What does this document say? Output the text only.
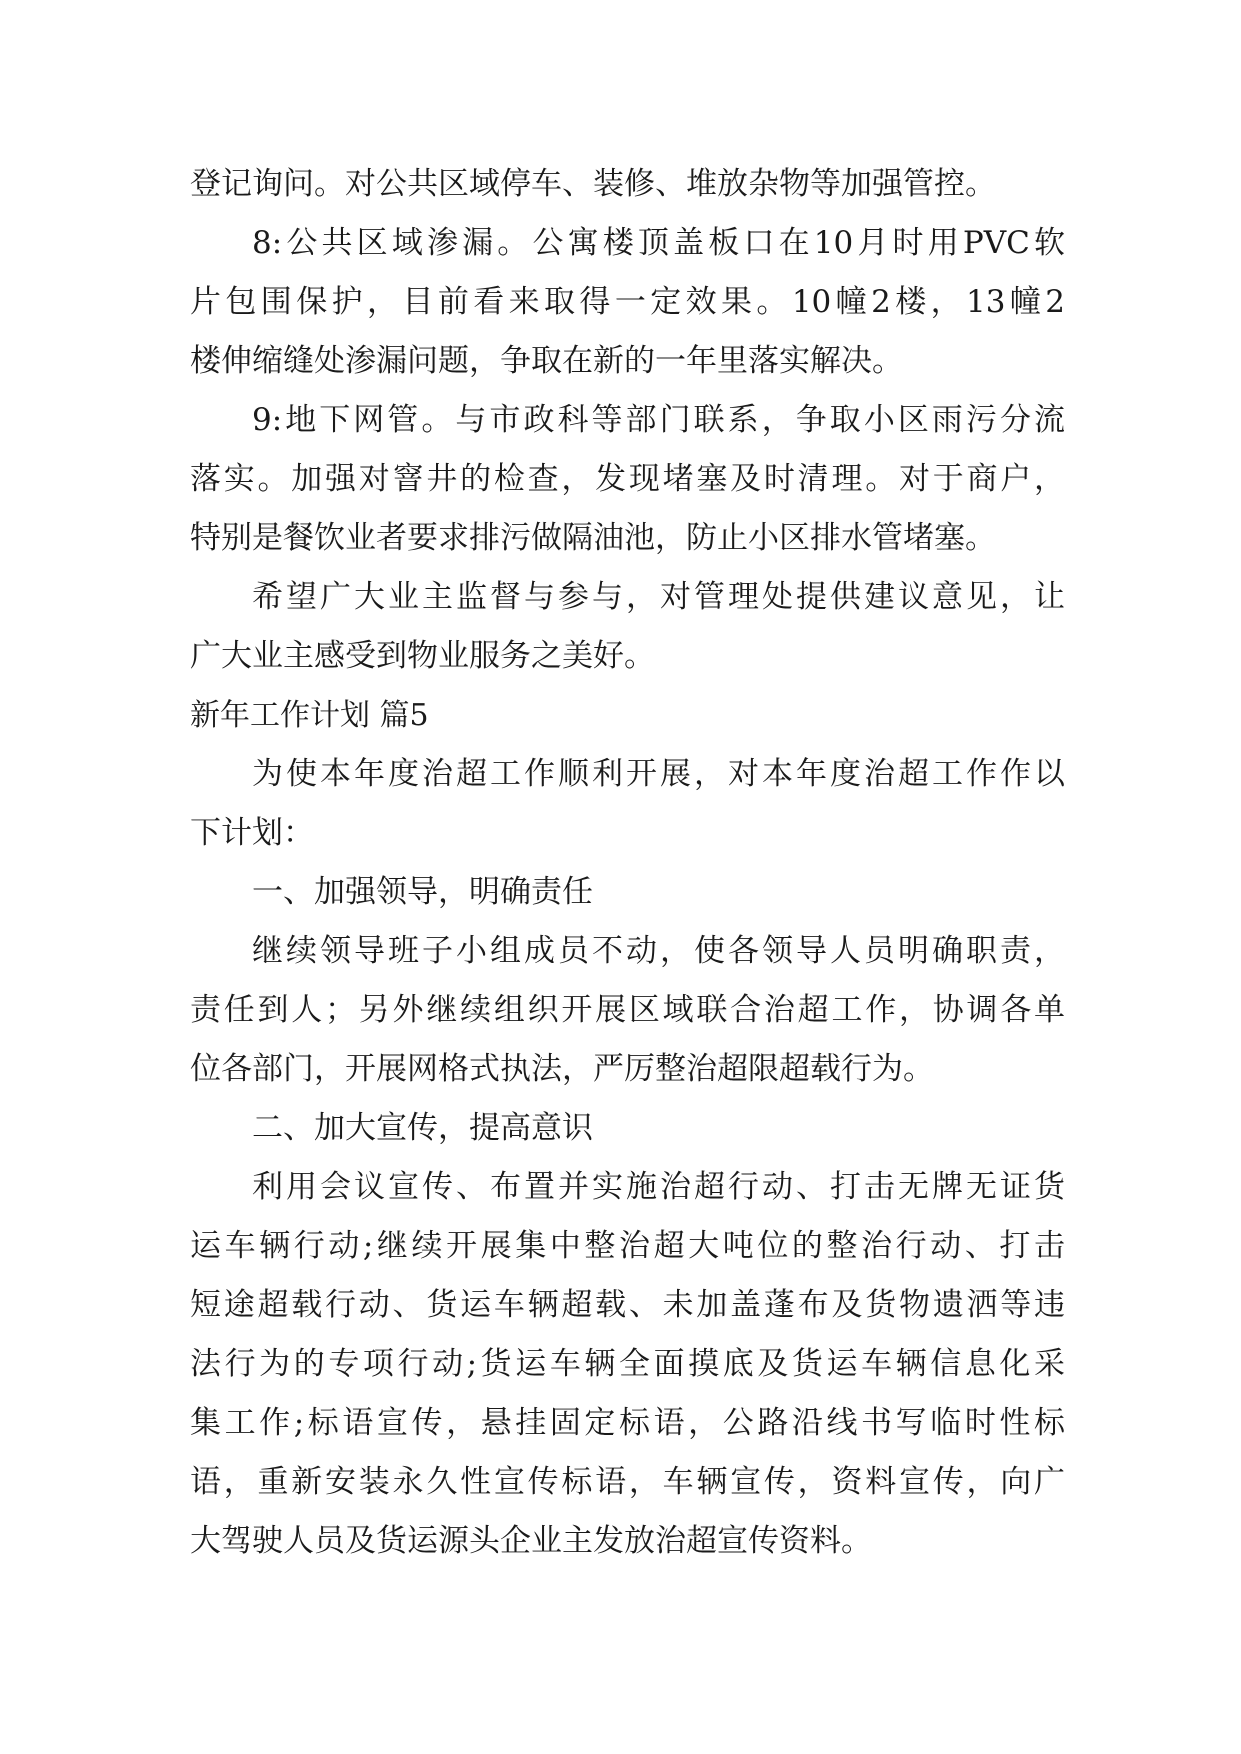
登记询问。对公共区域停车、装修、堆放杂物等加强管控。
8:公共区域渗漏。公寓楼顶盖板口在10月时用PVC软
片包围保护，目前看来取得一定效果。10幢2楼，13幢2
楼伸缩缝处渗漏问题，争取在新的一年里落实解决。
9:地下网管。与市政科等部门联系，争取小区雨污分流
落实。加强对窨井的检查，发现堵塞及时清理。对于商户，
特别是餐饮业者要求排污做隔油池，防止小区排水管堵塞。
希望广大业主监督与参与，对管理处提供建议意见，让
广大业主感受到物业服务之美好。
新年工作计划 篇5
为使本年度治超工作顺利开展，对本年度治超工作作以
下计划：
一、加强领导，明确责任
继续领导班子小组成员不动，使各领导人员明确职责，
责任到人；另外继续组织开展区域联合治超工作，协调各单
位各部门，开展网格式执法，严厉整治超限超载行为。
二、加大宣传，提高意识
利用会议宣传、布置并实施治超行动、打击无牌无证货
运车辆行动;继续开展集中整治超大吨位的整治行动、打击
短途超载行动、货运车辆超载、未加盖蓬布及货物遗洒等违
法行为的专项行动;货运车辆全面摸底及货运车辆信息化采
集工作;标语宣传，悬挂固定标语，公路沿线书写临时性标
语，重新安装永久性宣传标语，车辆宣传，资料宣传，向广
大驾驶人员及货运源头企业主发放治超宣传资料。
